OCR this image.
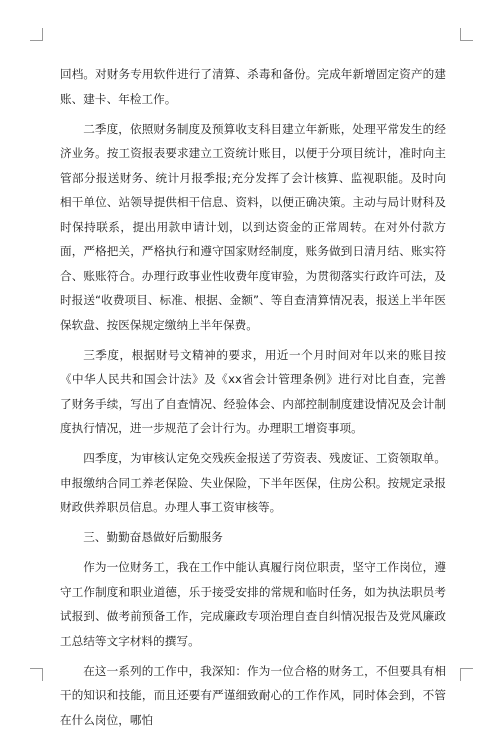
回档。对财务专用软件进行了清算、杀毒和备份。完成年新增固定资产的建账、建卡、年检工作。

二季度，依照财务制度及预算收支科目建立年新账，处理平常发生的经济业务。按工资报表要求建立工资统计账目，以便于分项目统计，准时向主管部分报送财务、统计月报季报;充分发挥了会计核算、监视职能。及时向相干单位、站领导提供相干信息、资料，以便正确决策。主动与局计财科及时保持联系，提出用款申请计划，以到达资金的正常周转。在对外付款方面，严格把关，严格执行和遵守国家财经制度，账务做到日清月结、账实符合、账账符合。办理行政事业性收费年度审验，为贯彻落实行政许可法，及时报送“收费项目、标准、根据、金额”、等自查清算情况表，报送上半年医保软盘、按医保规定缴纳上半年保费。

三季度，根据财号文精神的要求，用近一个月时间对年以来的账目按《中华人民共和国会计法》及《xx省会计管理条例》进行对比自查，完善了财务手续，写出了自查情况、经验体会、内部控制制度建设情况及会计制度执行情况，进一步规范了会计行为。办理职工增资事项。

四季度，为审核认定免交残疾金报送了劳资表、残废证、工资领取单。申报缴纳合同工养老保险、失业保险，下半年医保，住房公积。按规定录报财政供养职员信息。办理人事工资审核等。

三、勤勤奋恳做好后勤服务

作为一位财务工，我在工作中能认真履行岗位职责，坚守工作岗位，遵守工作制度和职业道德，乐于接受安排的常规和临时任务，如为执法职员考试报到、做考前预备工作，完成廉政专项治理自查自纠情况报告及党风廉政工总结等文字材料的撰写。

在这一系列的工作中，我深知：作为一位合格的财务工，不但要具有相干的知识和技能，而且还要有严谨细致耐心的工作作风，同时体会到，不管在什么岗位，哪怕
